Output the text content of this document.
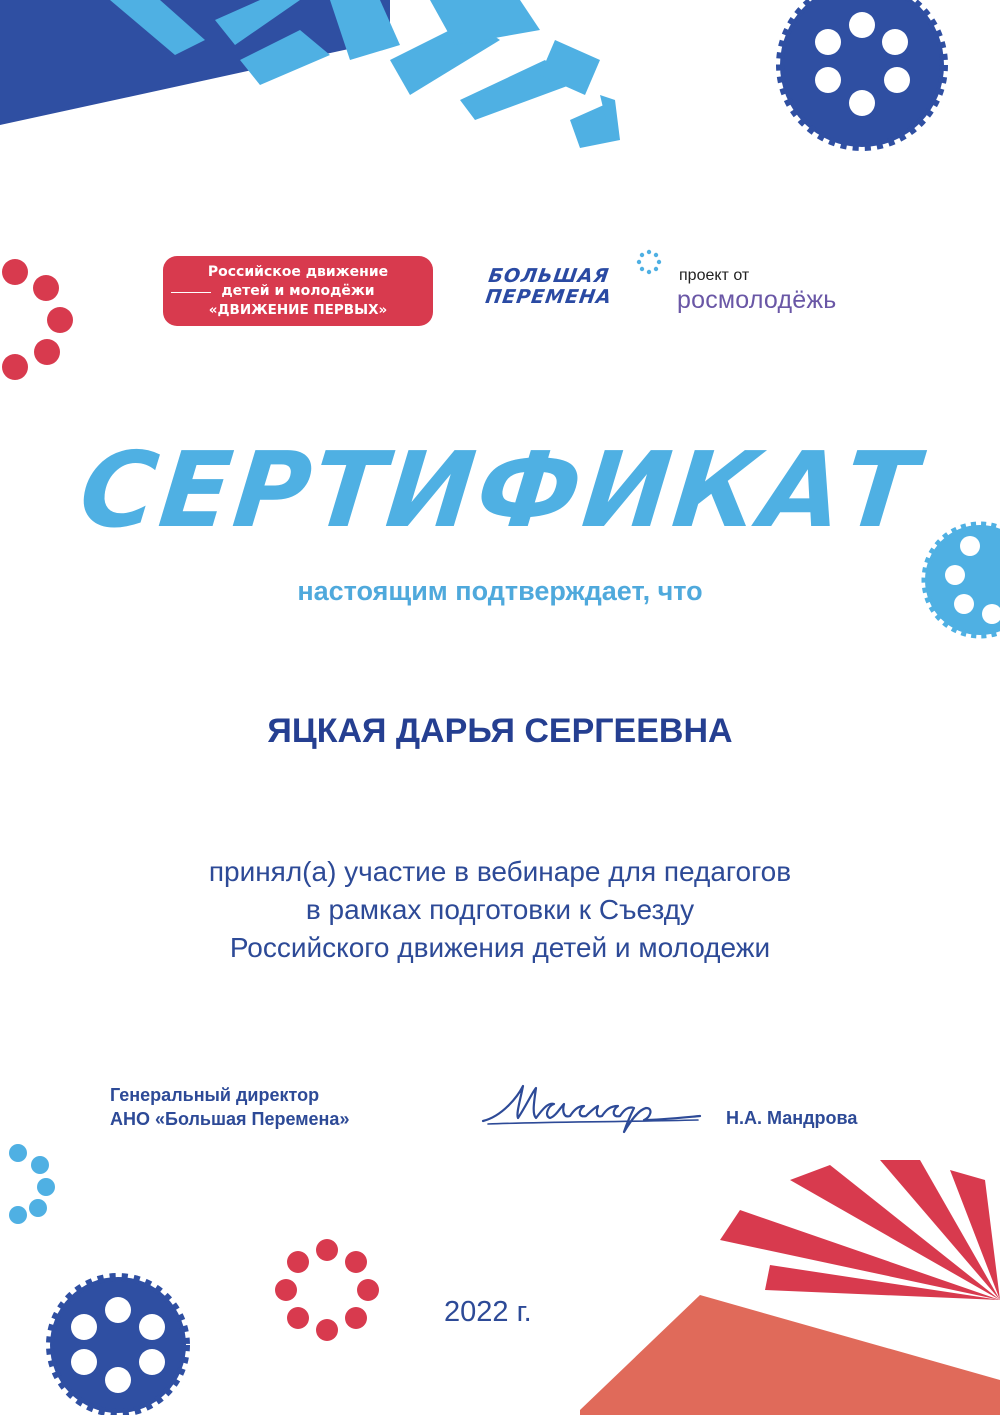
Российское движение
детей и молодёжи
«ДВИЖЕНИЕ ПЕРВЫХ»
БОЛЬШАЯ
ПЕРЕМЕНА
проект от
росмолодёжь
СЕРТИФИКАТ
настоящим подтверждает, что
ЯЦКАЯ ДАРЬЯ СЕРГЕЕВНА
принял(а) участие в вебинаре для педагогов
в рамках подготовки к Съезду
Российского движения детей и молодежи
Генеральный директор
АНО «Большая Перемена»	Н.А. Мандрова
2022 г.
